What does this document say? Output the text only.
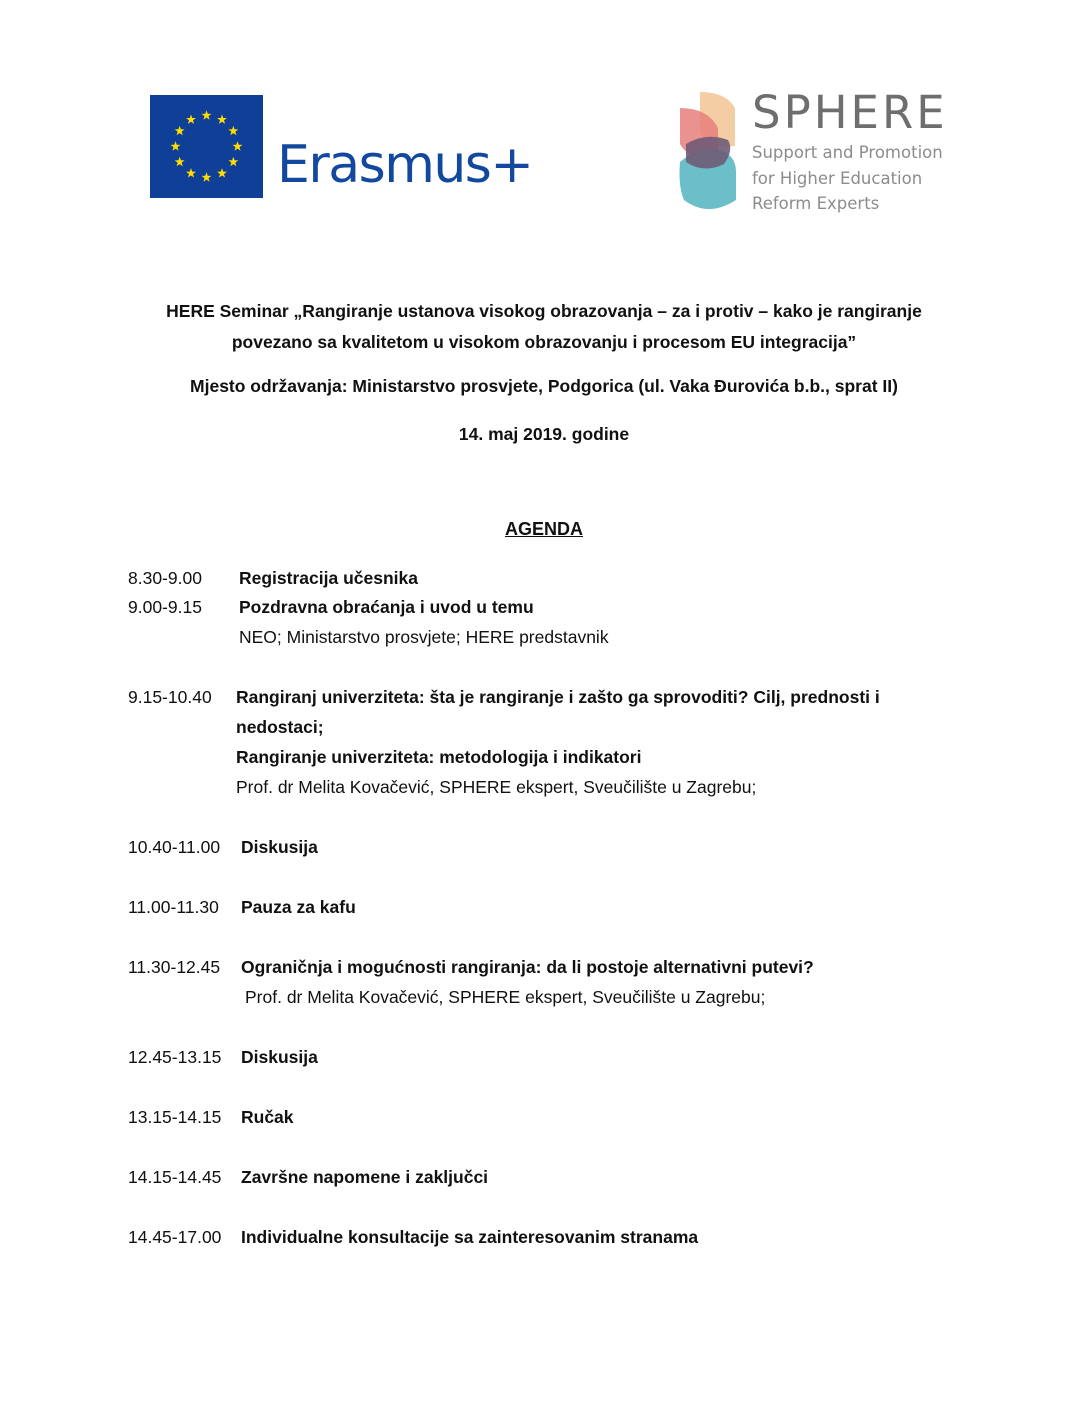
Erasmus+
SPHERE
Support and Promotion
for Higher Education
Reform Experts
HERE Seminar „Rangiranje ustanova visokog obrazovanja – za i protiv – kako je rangiranje
povezano sa kvalitetom u visokom obrazovanju i procesom EU integracija”
Mjesto održavanja: Ministarstvo prosvjete, Podgorica (ul. Vaka Đurovića b.b., sprat II)
14. maj 2019. godine
AGENDA
8.30-9.00 Registracija učesnika
9.00-9.15 Pozdravna obraćanja i uvod u temu
NEO; Ministarstvo prosvjete; HERE predstavnik
9.15-10.40 Rangiranj univerziteta: šta je rangiranje i zašto ga sprovoditi? Cilj, prednosti i nedostaci;
Rangiranje univerziteta: metodologija i indikatori
Prof. dr Melita Kovačević, SPHERE ekspert, Sveučilište u Zagrebu;
10.40-11.00 Diskusija
11.00-11.30 Pauza za kafu
11.30-12.45 Ograničnja i mogućnosti rangiranja: da li postoje alternativni putevi?
Prof. dr Melita Kovačević, SPHERE ekspert, Sveučilište u Zagrebu;
12.45-13.15 Diskusija
13.15-14.15 Ručak
14.15-14.45 Završne napomene i zaključci
14.45-17.00 Individualne konsultacije sa zainteresovanim stranama
